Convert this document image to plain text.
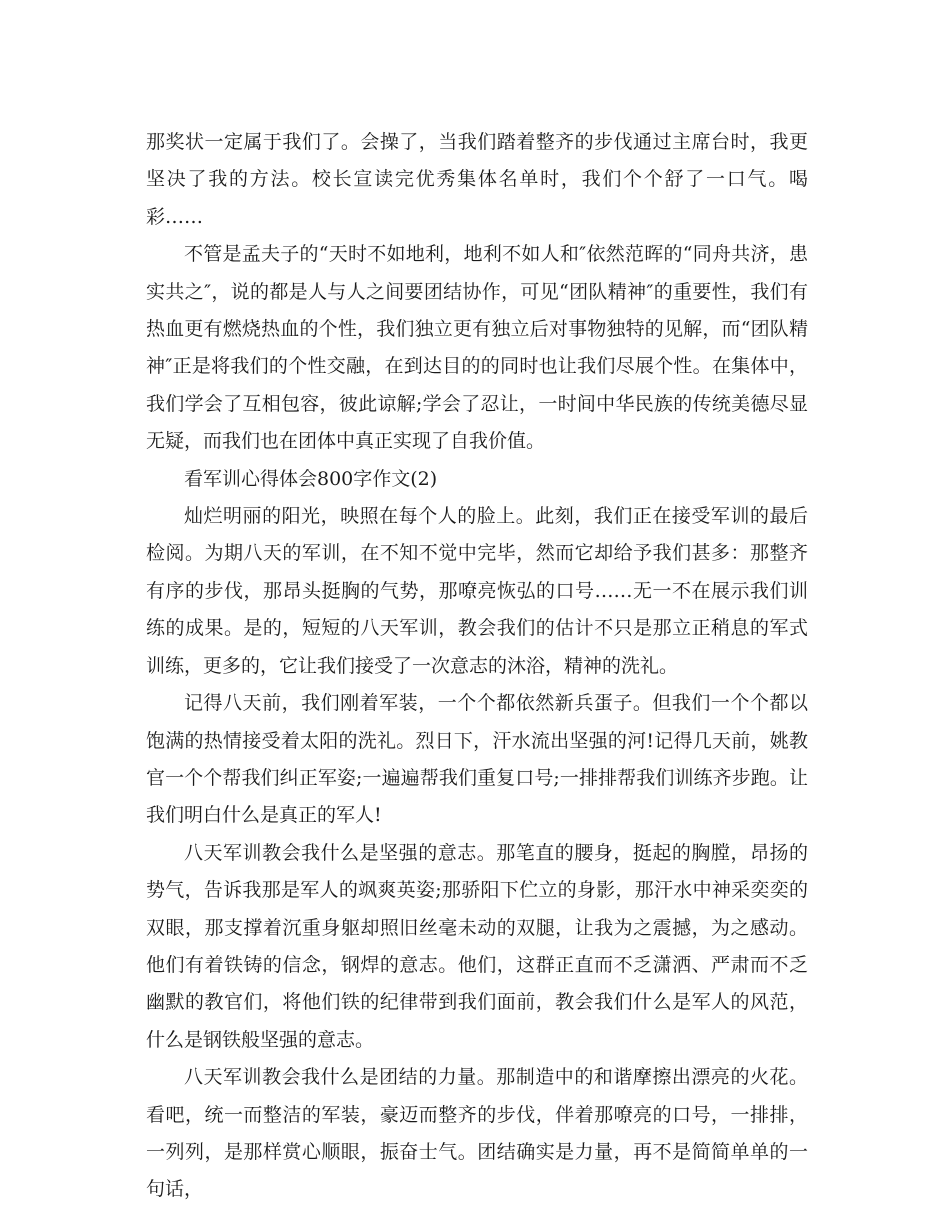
那奖状一定属于我们了。会操了，当我们踏着整齐的步伐通过主席台时，我更坚决了我的方法。校长宣读完优秀集体名单时，我们个个舒了一口气。喝彩……

不管是孟夫子的“天时不如地利，地利不如人和″依然范晖的“同舟共济，患实共之″，说的都是人与人之间要团结协作，可见“团队精神″的重要性，我们有热血更有燃烧热血的个性，我们独立更有独立后对事物独特的见解，而“团队精神″正是将我们的个性交融，在到达目的的同时也让我们尽展个性。在集体中，我们学会了互相包容，彼此谅解;学会了忍让，一时间中华民族的传统美德尽显无疑，而我们也在团体中真正实现了自我价值。

看军训心得体会800字作文(2)

灿烂明丽的阳光，映照在每个人的脸上。此刻，我们正在接受军训的最后检阅。为期八天的军训，在不知不觉中完毕，然而它却给予我们甚多：那整齐有序的步伐，那昂头挺胸的气势，那嘹亮恢弘的口号……无一不在展示我们训练的成果。是的，短短的八天军训，教会我们的估计不只是那立正稍息的军式训练，更多的，它让我们接受了一次意志的沐浴，精神的洗礼。

记得八天前，我们刚着军装，一个个都依然新兵蛋子。但我们一个个都以饱满的热情接受着太阳的洗礼。烈日下，汗水流出坚强的河!记得几天前，姚教官一个个帮我们纠正军姿;一遍遍帮我们重复口号;一排排帮我们训练齐步跑。让我们明白什么是真正的军人!

八天军训教会我什么是坚强的意志。那笔直的腰身，挺起的胸膛，昂扬的势气，告诉我那是军人的飒爽英姿;那骄阳下伫立的身影，那汗水中神采奕奕的双眼，那支撑着沉重身躯却照旧丝毫未动的双腿，让我为之震撼，为之感动。他们有着铁铸的信念，钢焊的意志。他们，这群正直而不乏潇洒、严肃而不乏幽默的教官们，将他们铁的纪律带到我们面前，教会我们什么是军人的风范，什么是钢铁般坚强的意志。

八天军训教会我什么是团结的力量。那制造中的和谐摩擦出漂亮的火花。看吧，统一而整洁的军装，豪迈而整齐的步伐，伴着那嘹亮的口号，一排排，一列列，是那样赏心顺眼，振奋士气。团结确实是力量，再不是简简单单的一句话，
